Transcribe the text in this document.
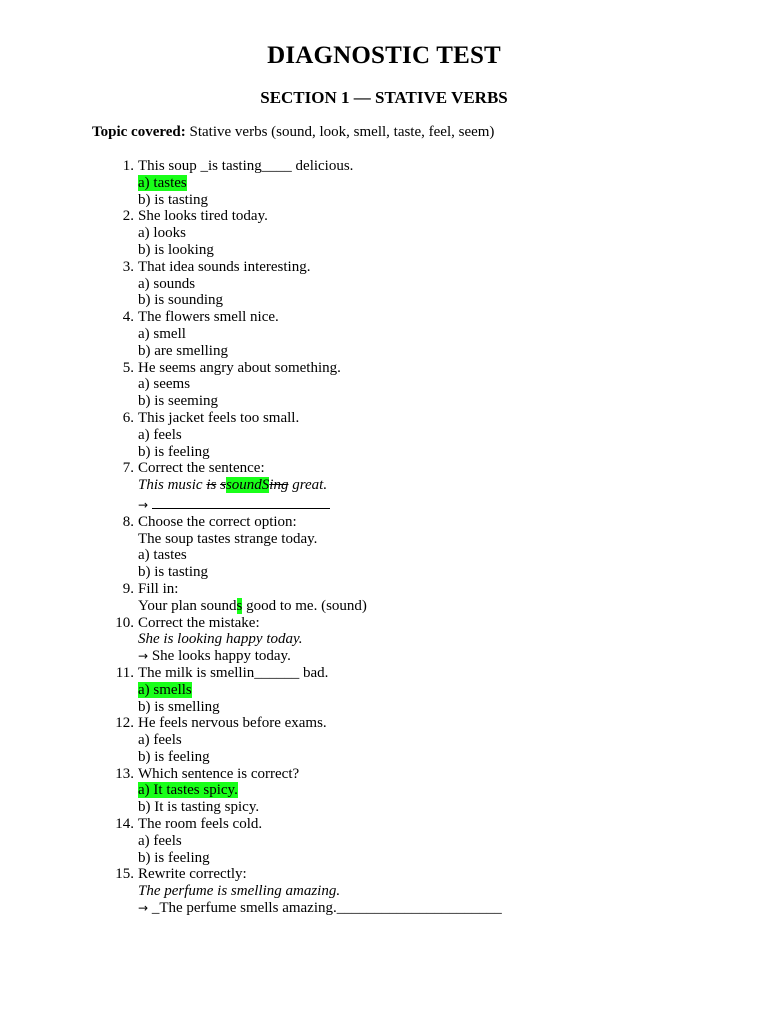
DIAGNOSTIC TEST
SECTION 1 — STATIVE VERBS
Topic covered: Stative verbs (sound, look, smell, taste, feel, seem)
1. This soup _is tasting____ delicious.
a) tastes
b) is tasting
2. She looks tired today.
a) looks
b) is looking
3. That idea sounds interesting.
a) sounds
b) is sounding
4. The flowers smell nice.
a) smell
b) are smelling
5. He seems angry about something.
a) seems
b) is seeming
6. This jacket feels too small.
a) feels
b) is feeling
7. Correct the sentence:
This music is ssoundSing great.
→
8. Choose the correct option:
The soup tastes strange today.
a) tastes
b) is tasting
9. Fill in:
Your plan sounds good to me. (sound)
10. Correct the mistake:
She is looking happy today.
→ She looks happy today.
11. The milk is smellin______ bad.
a) smells
b) is smelling
12. He feels nervous before exams.
a) feels
b) is feeling
13. Which sentence is correct?
a) It tastes spicy.
b) It is tasting spicy.
14. The room feels cold.
a) feels
b) is feeling
15. Rewrite correctly:
The perfume is smelling amazing.
→ _The perfume smells amazing.______________________
